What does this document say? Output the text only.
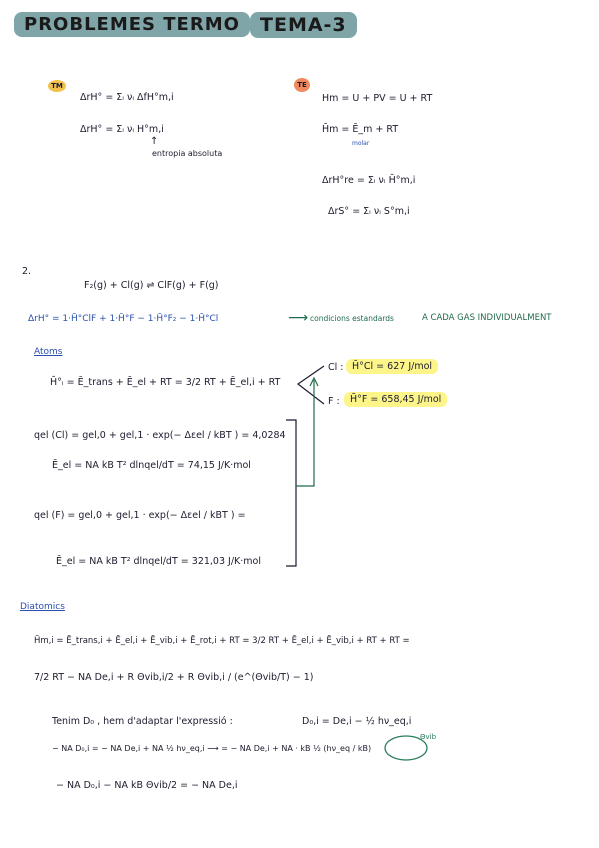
PROBLEMES TERMO	TEMA-3
TM
ΔrH° = Σᵢ νᵢ ΔfH°m,i
ΔrH° = Σᵢ νᵢ H°m,i
↑
entropia absoluta
TE
Hm = U + PV = U + RT
H̄m = Ē_m + RT
molar
ΔrH°re = Σᵢ νᵢ H̄°m,i
ΔrS° = Σᵢ νᵢ S°m,i
2.
F₂(g) + Cl(g) ⇌ ClF(g) + F(g)
ΔrH° = 1·H̄°ClF + 1·H̄°F − 1·H̄°F₂ − 1·H̄°Cl	⟶ condicions estandards	A CADA GAS INDIVIDUALMENT
Atoms
H̄°ᵢ = Ē_trans + Ē_el + RT = 3/2 RT + Ē_el,i + RT
Cl : H̄°Cl = 627 J/mol
F :	H̄°F = 658,45 J/mol
qel (Cl) = gel,0 + gel,1 · exp(− Δεel / kBT ) = 4,0284
Ē_el = NA kB T² dlnqel/dT = 74,15 J/K·mol
qel (F) = gel,0 + gel,1 · exp(− Δεel / kBT ) =
Ē_el = NA kB T² dlnqel/dT = 321,03 J/K·mol
Diatomics
H̄m,i = Ē_trans,i + Ē_el,i + Ē_vib,i + Ē_rot,i + RT = 3/2 RT + Ē_el,i + Ē_vib,i + RT + RT =
7/2 RT − NA De,i + R Θvib,i/2 + R Θvib,i / (e^(Θvib/T) − 1)
Tenim D₀ , hem d'adaptar l'expressió :	D₀,i = De,i − ½ hν_eq,i
− NA D₀,i = − NA De,i + NA ½ hν_eq,i ⟶ = − NA De,i + NA · kB ½ (hν_eq / kB)
Θvib
− NA D₀,i − NA kB Θvib/2 = − NA De,i
